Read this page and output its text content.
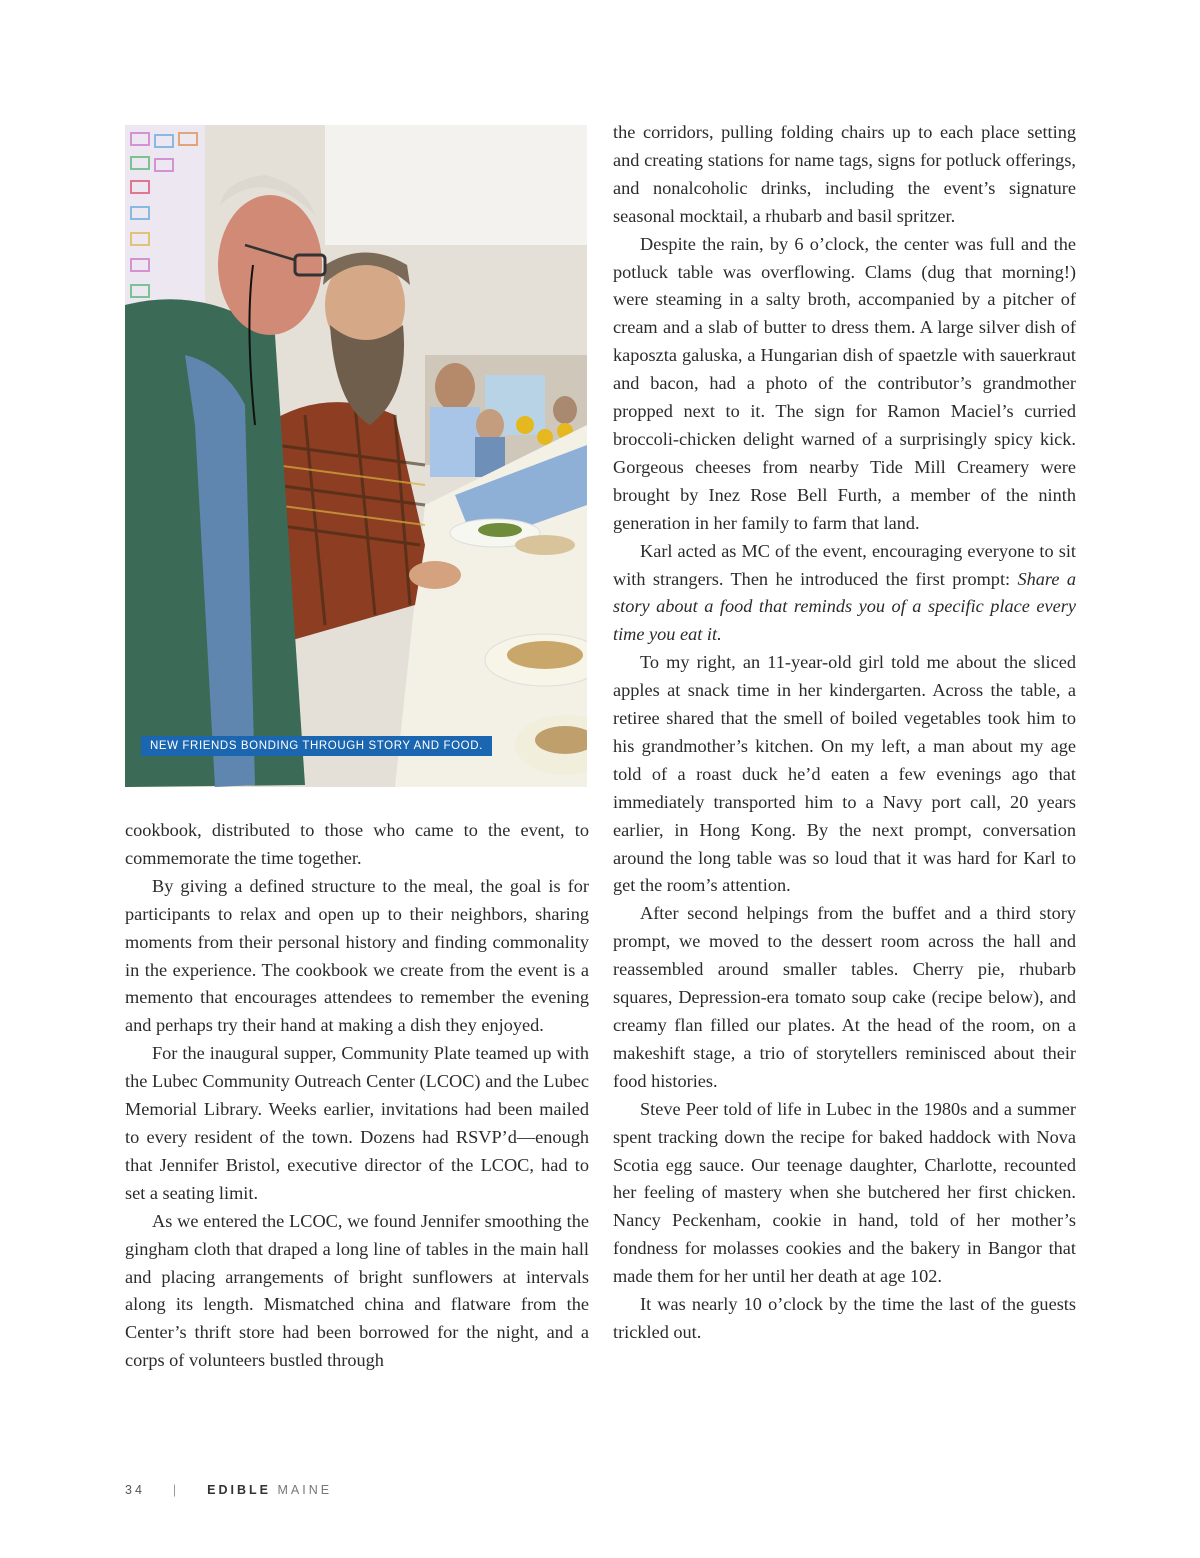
NEW FRIENDS BONDING THROUGH STORY AND FOOD.

cookbook, distributed to those who came to the event, to commemorate the time together.

By giving a defined structure to the meal, the goal is for participants to relax and open up to their neighbors, sharing moments from their personal history and finding commonality in the experience. The cookbook we create from the event is a memento that encourages attendees to remember the evening and perhaps try their hand at making a dish they enjoyed.

For the inaugural supper, Community Plate teamed up with the Lubec Community Outreach Center (LCOC) and the Lubec Memorial Library. Weeks earlier, invitations had been mailed to every resident of the town. Dozens had RSVP’d—enough that Jennifer Bristol, executive director of the LCOC, had to set a seating limit.

As we entered the LCOC, we found Jennifer smoothing the gingham cloth that draped a long line of tables in the main hall and placing arrangements of bright sunflowers at intervals along its length. Mismatched china and flatware from the Center’s thrift store had been borrowed for the night, and a corps of volunteers bustled through

the corridors, pulling folding chairs up to each place setting and creating stations for name tags, signs for potluck offerings, and nonalcoholic drinks, including the event’s signature seasonal mocktail, a rhubarb and basil spritzer.

Despite the rain, by 6 o’clock, the center was full and the potluck table was overflowing. Clams (dug that morning!) were steaming in a salty broth, accompanied by a pitcher of cream and a slab of butter to dress them. A large silver dish of kaposzta galuska, a Hungarian dish of spaetzle with sauerkraut and bacon, had a photo of the contributor’s grandmother propped next to it. The sign for Ramon Maciel’s curried broccoli-chicken delight warned of a surprisingly spicy kick. Gorgeous cheeses from nearby Tide Mill Creamery were brought by Inez Rose Bell Furth, a member of the ninth generation in her family to farm that land.

Karl acted as MC of the event, encouraging everyone to sit with strangers. Then he introduced the first prompt: Share a story about a food that reminds you of a specific place every time you eat it.

To my right, an 11-year-old girl told me about the sliced apples at snack time in her kindergarten. Across the table, a retiree shared that the smell of boiled vegetables took him to his grandmother’s kitchen. On my left, a man about my age told of a roast duck he’d eaten a few evenings ago that immediately transported him to a Navy port call, 20 years earlier, in Hong Kong. By the next prompt, conversation around the long table was so loud that it was hard for Karl to get the room’s attention.

After second helpings from the buffet and a third story prompt, we moved to the dessert room across the hall and reassembled around smaller tables. Cherry pie, rhubarb squares, Depression-era tomato soup cake (recipe below), and creamy flan filled our plates. At the head of the room, on a makeshift stage, a trio of storytellers reminisced about their food histories.

Steve Peer told of life in Lubec in the 1980s and a summer spent tracking down the recipe for baked haddock with Nova Scotia egg sauce. Our teenage daughter, Charlotte, recounted her feeling of mastery when she butchered her first chicken. Nancy Peckenham, cookie in hand, told of her mother’s fondness for molasses cookies and the bakery in Bangor that made them for her until her death at age 102.

It was nearly 10 o’clock by the time the last of the guests trickled out.

34 | EDIBLE MAINE
